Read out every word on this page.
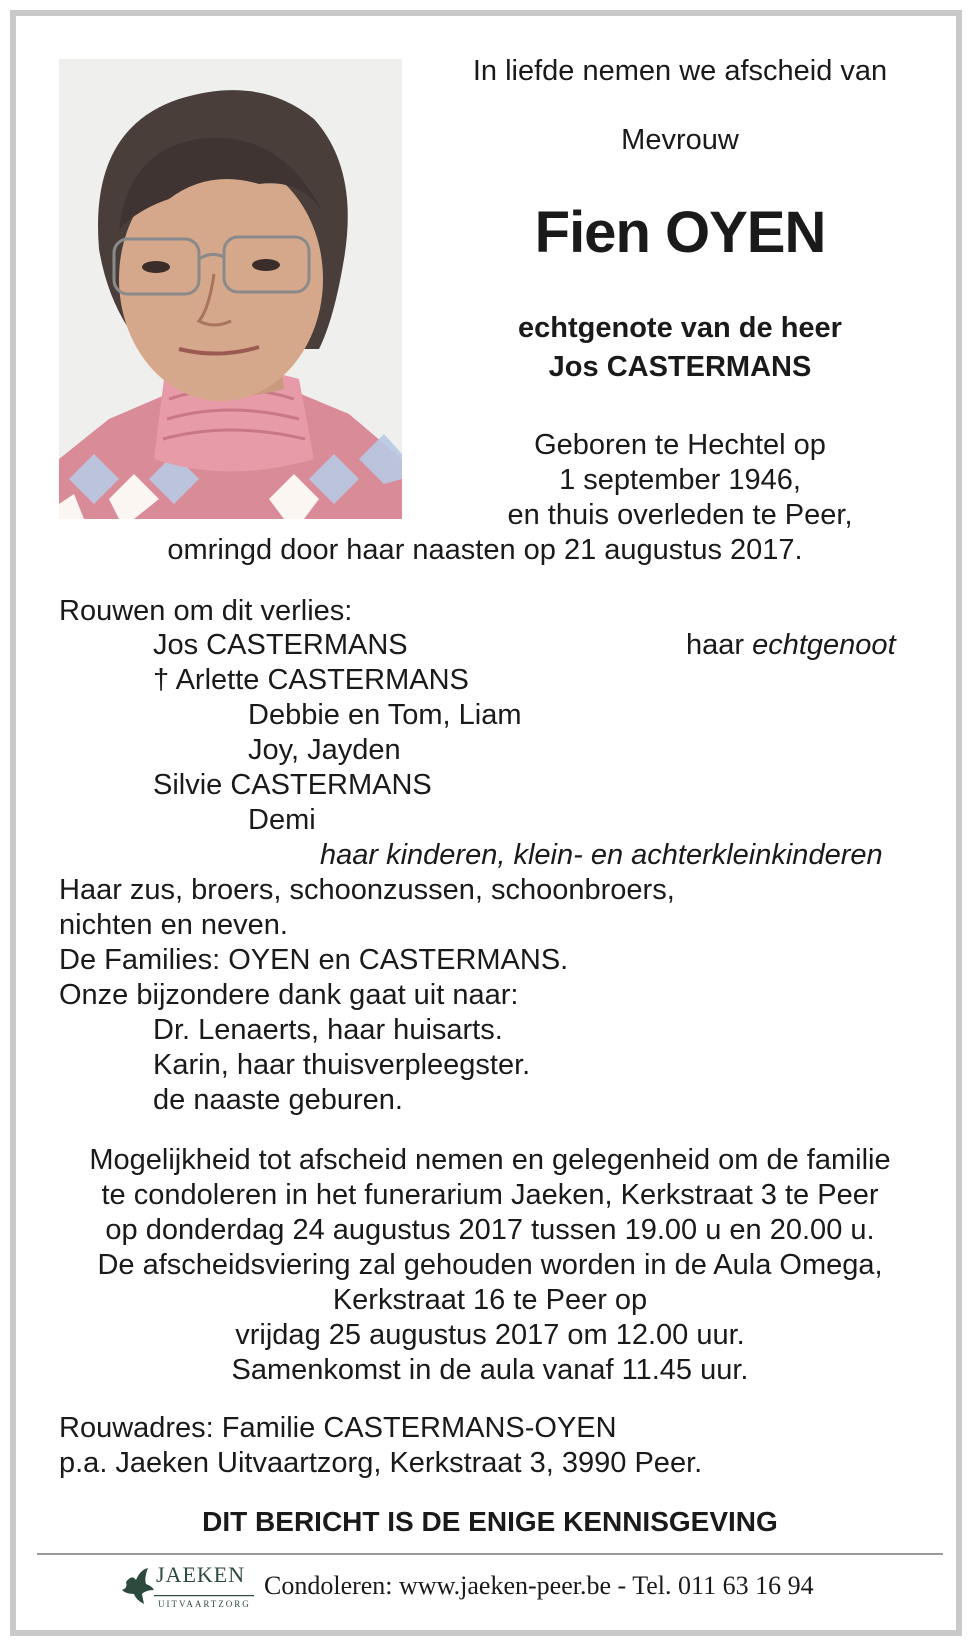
In liefde nemen we afscheid van
Mevrouw
Fien OYEN
echtgenote van de heer
Jos CASTERMANS
Geboren te Hechtel op
1 september 1946,
en thuis overleden te Peer,
omringd door haar naasten op 21 augustus 2017.
Rouwen om dit verlies:
Jos CASTERMANS	haar echtgenoot
† Arlette CASTERMANS
Debbie en Tom, Liam
Joy, Jayden
Silvie CASTERMANS
Demi
haar kinderen, klein- en achterkleinkinderen
Haar zus, broers, schoonzussen, schoonbroers,
nichten en neven.
De Families: OYEN en CASTERMANS.
Onze bijzondere dank gaat uit naar:
Dr. Lenaerts, haar huisarts.
Karin, haar thuisverpleegster.
de naaste geburen.
Mogelijkheid tot afscheid nemen en gelegenheid om de familie
te condoleren in het funerarium Jaeken, Kerkstraat 3 te Peer
op donderdag 24 augustus 2017 tussen 19.00 u en 20.00 u.
De afscheidsviering zal gehouden worden in de Aula Omega,
Kerkstraat 16 te Peer op
vrijdag 25 augustus 2017 om 12.00 uur.
Samenkomst in de aula vanaf 11.45 uur.
Rouwadres: Familie CASTERMANS-OYEN
p.a. Jaeken Uitvaartzorg, Kerkstraat 3, 3990 Peer.
DIT BERICHT IS DE ENIGE KENNISGEVING
JAEKEN
UITVAARTZORG
Condoleren: www.jaeken-peer.be - Tel. 011 63 16 94
